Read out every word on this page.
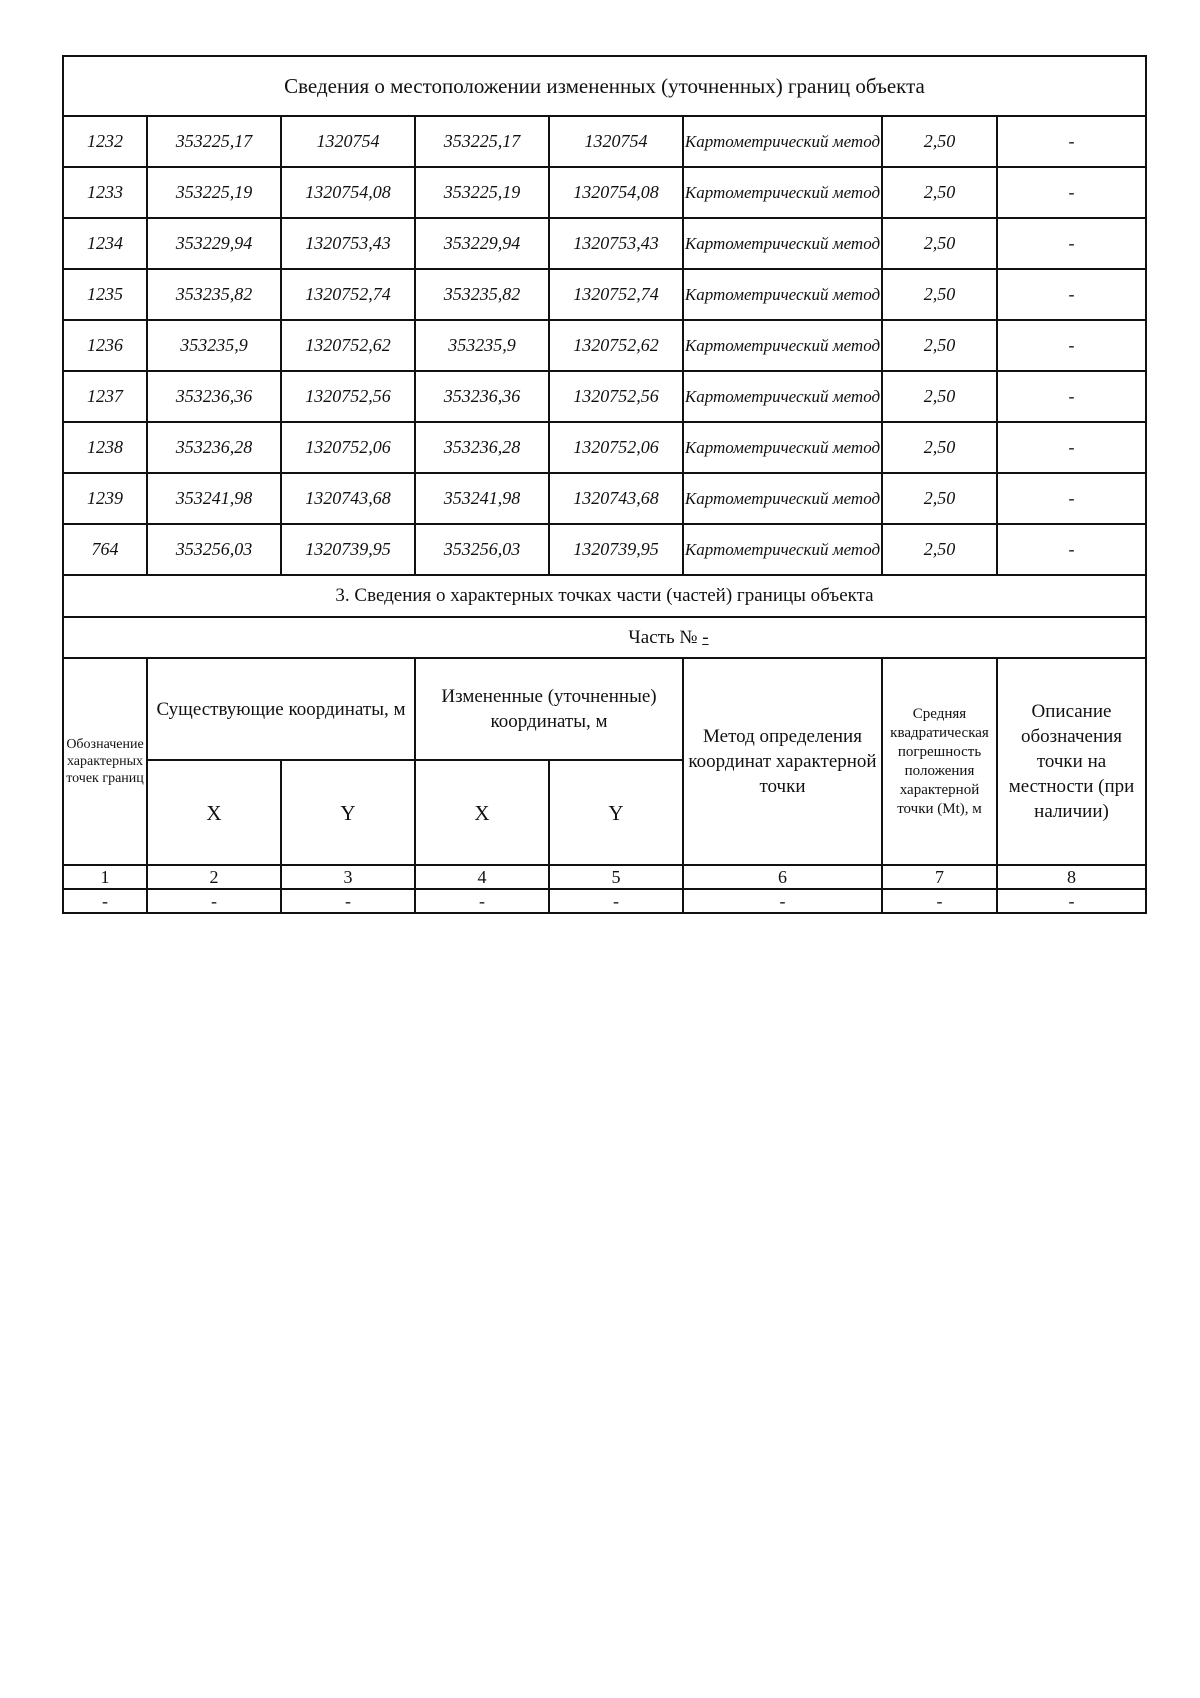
Сведения о местоположении измененных (уточненных) границ объекта							
1232	353225,17	1320754	353225,17	1320754	Картометрический метод	2,50	-
1233	353225,19	1320754,08	353225,19	1320754,08	Картометрический метод	2,50	-
1234	353229,94	1320753,43	353229,94	1320753,43	Картометрический метод	2,50	-
1235	353235,82	1320752,74	353235,82	1320752,74	Картометрический метод	2,50	-
1236	353235,9	1320752,62	353235,9	1320752,62	Картометрический метод	2,50	-
1237	353236,36	1320752,56	353236,36	1320752,56	Картометрический метод	2,50	-
1238	353236,28	1320752,06	353236,28	1320752,06	Картометрический метод	2,50	-
1239	353241,98	1320743,68	353241,98	1320743,68	Картометрический метод	2,50	-
764	353256,03	1320739,95	353256,03	1320739,95	Картометрический метод	2,50	-
3. Сведения о характерных точках части (частей) границы объекта							
Часть № -							
Обозначение характерных точек границ	Существующие координаты, м		Измененные (уточненные) координаты, м		Метод определения координат характерной точки	Средняя квадратическая погрешность положения характерной точки (Mt), м	Описание обозначения точки на местности (при наличии)
	X	Y	X	Y			
1	2	3	4	5	6	7	8
-	-	-	-	-	-	-	-
